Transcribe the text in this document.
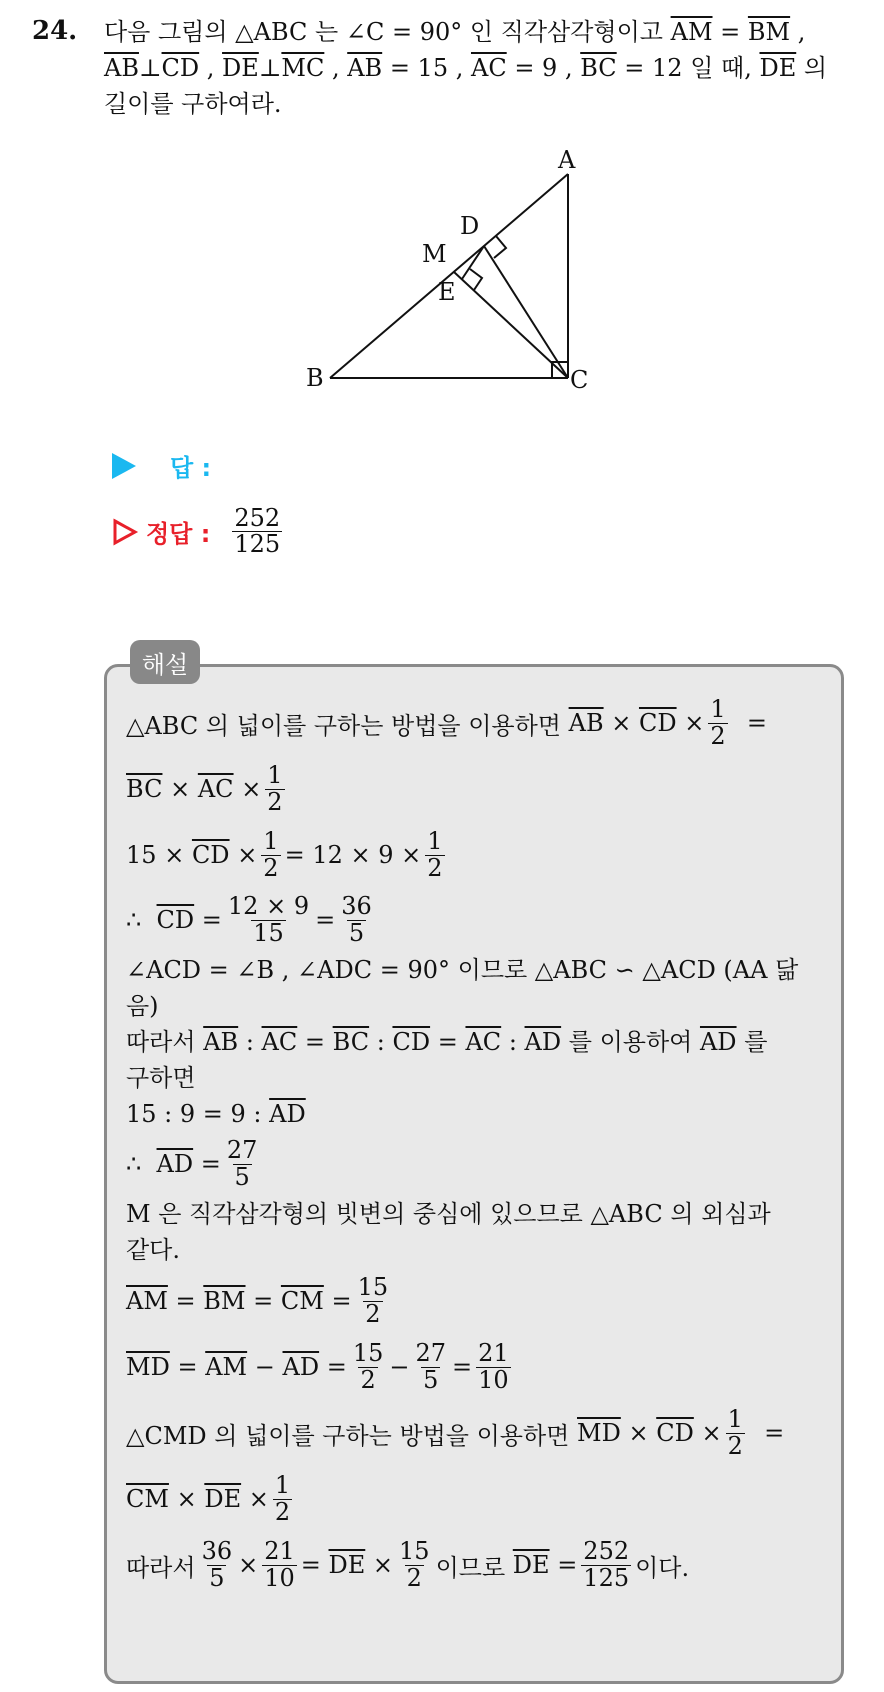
24. 다음 그림의 △ABC 는 ∠C = 90° 인 직각삼각형이고 $\overline{AM} = \overline{BM}$ ,
$\overline{AB}\perp\overline{CD}$ , $\overline{DE}\perp\overline{MC}$ , $\overline{AB} = 15$ , $\overline{AC} = 9$ , $\overline{BC} = 12$ 일 때, $\overline{DE}$ 의
길이를 구하여라.
A
B	C
D
E
M
답 :
정답 : $\frac{252}{125}$
해설
△ABC 의 넓이를 구하는 방법을 이용하면
$\overline{AB}$
×
$\overline{CD}$
× $\frac{1}{2}$
=
$\overline{BC}$
×
$\overline{AC}$
× $\frac{1}{2}$
15
×
$\overline{CD}$
× $\frac{1}{2} = 12 \times 9 \times \frac{1}{2}$
∴
$\overline{CD}$
= $\frac{12 \times 9}{15} = \frac{36}{5}$
∠ACD = ∠B , ∠ADC = 90° 이므로 △ABC ∽ △ACD (AA 닮
음)
따라서
$\overline{AB}$
:
$\overline{AC}$
=
$\overline{BC}$
:
$\overline{CD}$
=
$\overline{AC}$
:
$\overline{AD}$
를 이용하여
$\overline{AD}$
를
구하면
15 : 9 = 9 :
$\overline{AD}$
∴
$\overline{AD}$
= $\frac{27}{5}$
M 은 직각삼각형의 빗변의 중심에 있으므로 △ABC 의 외심과
같다.
$\overline{AM}$
=
$\overline{BM}$
=
$\overline{CM}$
= $\frac{15}{2}$
$\overline{MD}$
=
$\overline{AM}$
−
$\overline{AD}$
= $\frac{15}{2} - \frac{27}{5} = \frac{21}{10}$
△CMD 의 넓이를 구하는 방법을 이용하면
$\overline{MD}$
×
$\overline{CD}$
× $\frac{1}{2}$
=
$\overline{CM}$
×
$\overline{DE}$
× $\frac{1}{2}$
따라서 $\frac{36}{5} \times \frac{21}{10}$ =
$\overline{DE}$
× $\frac{15}{2}$ 이므로
$\overline{DE}$
= $\frac{252}{125}$ 이다.
